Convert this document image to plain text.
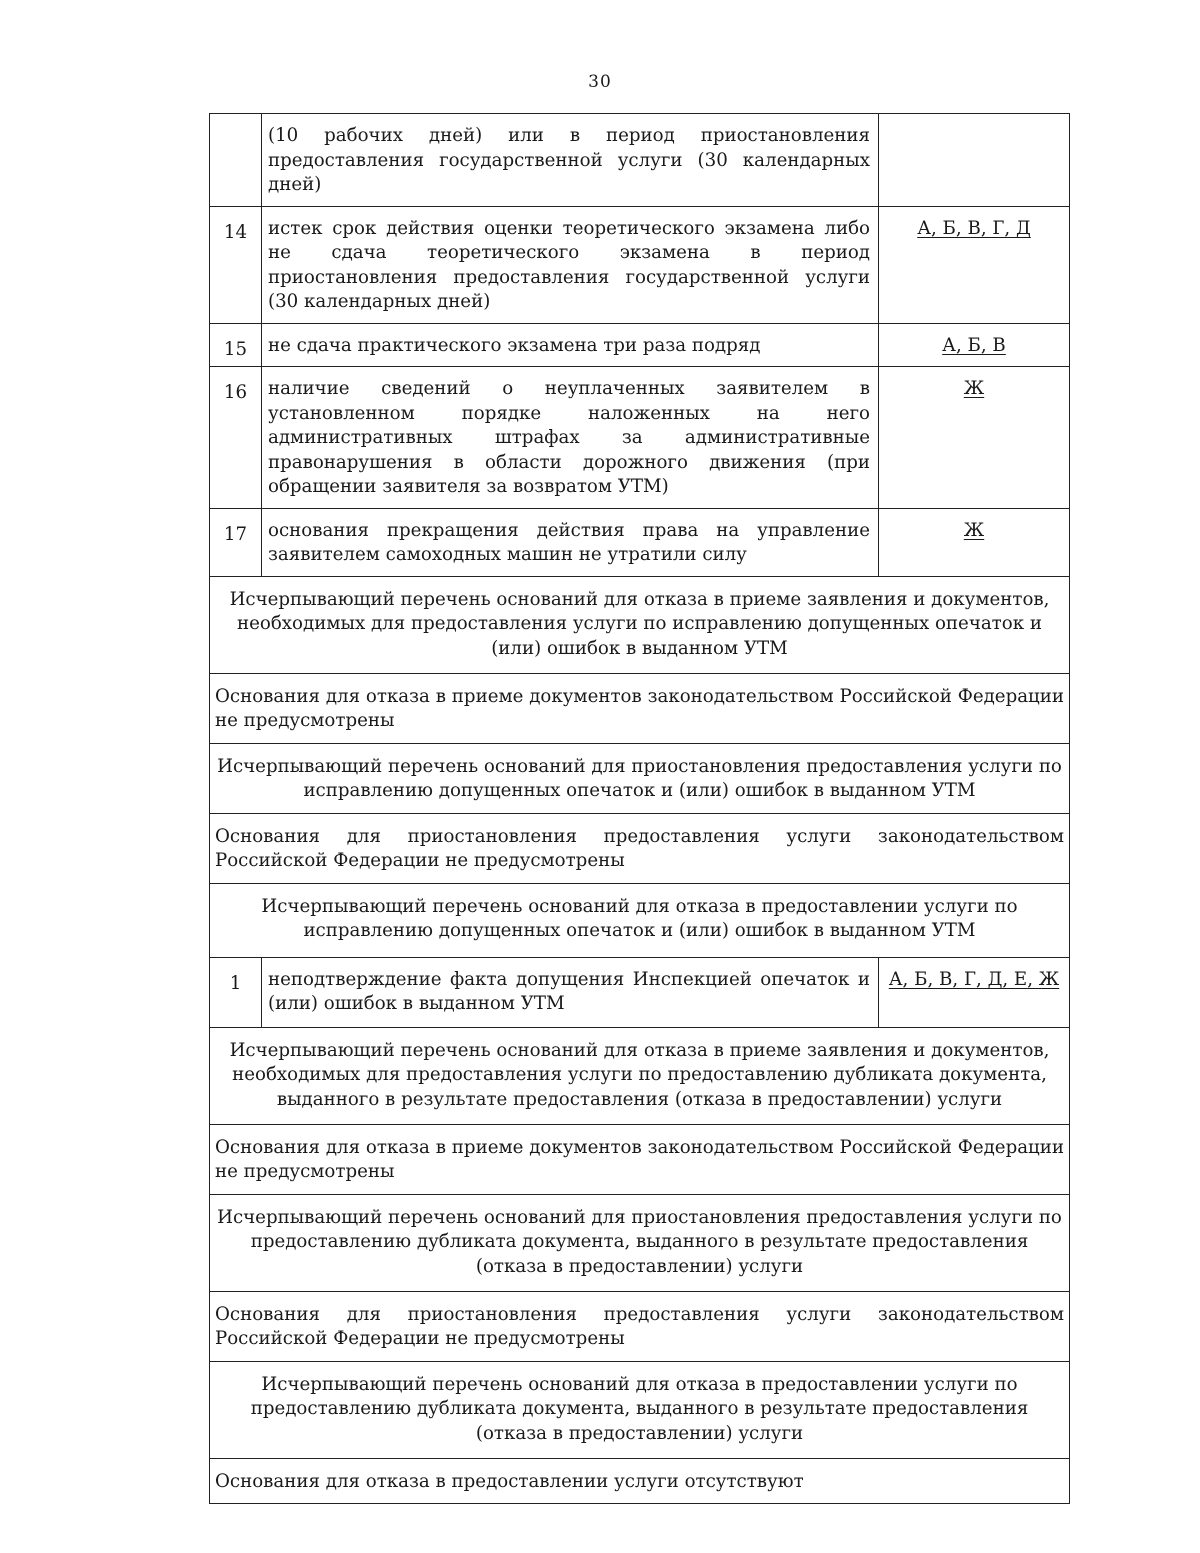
30
	(10 рабочих дней) или в период приостановления предоставления государственной услуги (30 календарных дней)	
14	истек срок действия оценки теоретического экзамена либо не сдача теоретического экзамена в период приостановления предоставления государственной услуги (30 календарных дней)	А, Б, В, Г, Д
15	не сдача практического экзамена три раза подряд	А, Б, В
16	наличие сведений о неуплаченных заявителем в установленном порядке наложенных на него административных штрафах за административные правонарушения в области дорожного движения (при обращении заявителя за возвратом УТМ)	Ж
17	основания прекращения действия права на управление заявителем самоходных машин не утратили силу	Ж
Исчерпывающий перечень оснований для отказа в приеме заявления и документов, необходимых для предоставления услуги по исправлению допущенных опечаток и (или) ошибок в выданном УТМ		
Основания для отказа в приеме документов законодательством Российской Федерации не предусмотрены		
Исчерпывающий перечень оснований для приостановления предоставления услуги по исправлению допущенных опечаток и (или) ошибок в выданном УТМ		
Основания для приостановления предоставления услуги законодательством Российской Федерации не предусмотрены		
Исчерпывающий перечень оснований для отказа в предоставлении услуги по исправлению допущенных опечаток и (или) ошибок в выданном УТМ		
1	неподтверждение факта допущения Инспекцией опечаток и (или) ошибок в выданном УТМ	А, Б, В, Г, Д, Е, Ж
Исчерпывающий перечень оснований для отказа в приеме заявления и документов, необходимых для предоставления услуги по предоставлению дубликата документа, выданного в результате предоставления (отказа в предоставлении) услуги		
Основания для отказа в приеме документов законодательством Российской Федерации не предусмотрены		
Исчерпывающий перечень оснований для приостановления предоставления услуги по предоставлению дубликата документа, выданного в результате предоставления (отказа в предоставлении) услуги		
Основания для приостановления предоставления услуги законодательством Российской Федерации не предусмотрены		
Исчерпывающий перечень оснований для отказа в предоставлении услуги по предоставлению дубликата документа, выданного в результате предоставления (отказа в предоставлении) услуги		
Основания для отказа в предоставлении услуги отсутствуют		
